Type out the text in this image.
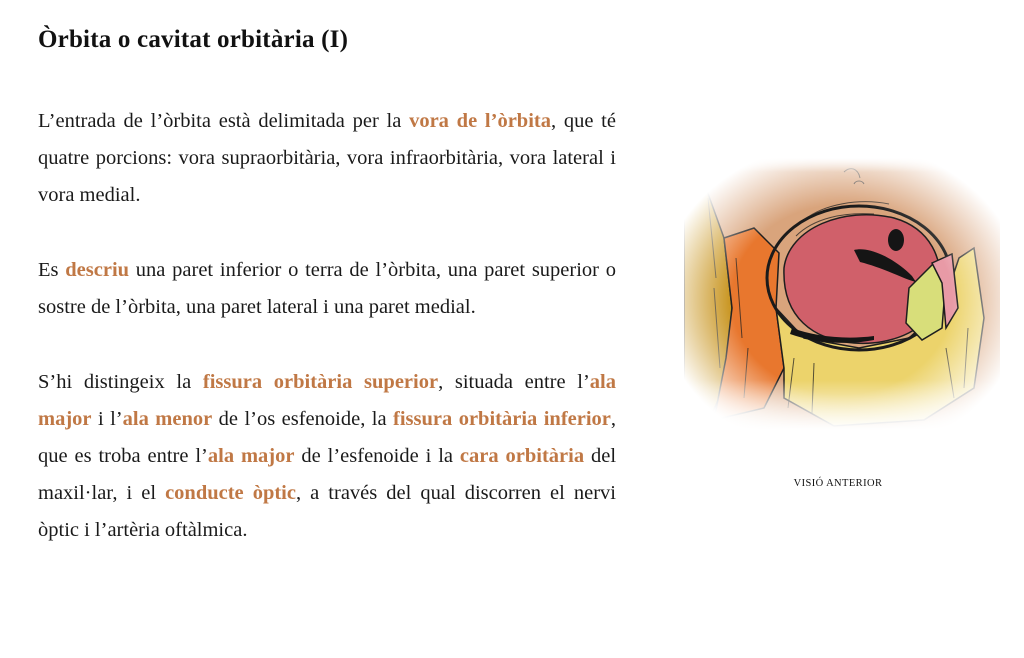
Òrbita o cavitat orbitària (I)

L’entrada de l’òrbita està delimitada per la vora de l’òrbita, que té quatre porcions: vora supraorbitària, vora infraorbitària, vora lateral i vora medial.

Es descriu una paret inferior o terra de l’òrbita, una paret superior o sostre de l’òrbita, una paret lateral i una paret medial.

S’hi distingeix la fissura orbitària superior, situada entre l’ala major i l’ala menor de l’os esfenoide, la fissura orbitària inferior, que es troba entre l’ala major de l’esfenoide i la cara orbitària del maxil·lar, i el conducte òptic, a través del qual discorren el nervi òptic i l’artèria oftàlmica.

VISIÓ ANTERIOR
